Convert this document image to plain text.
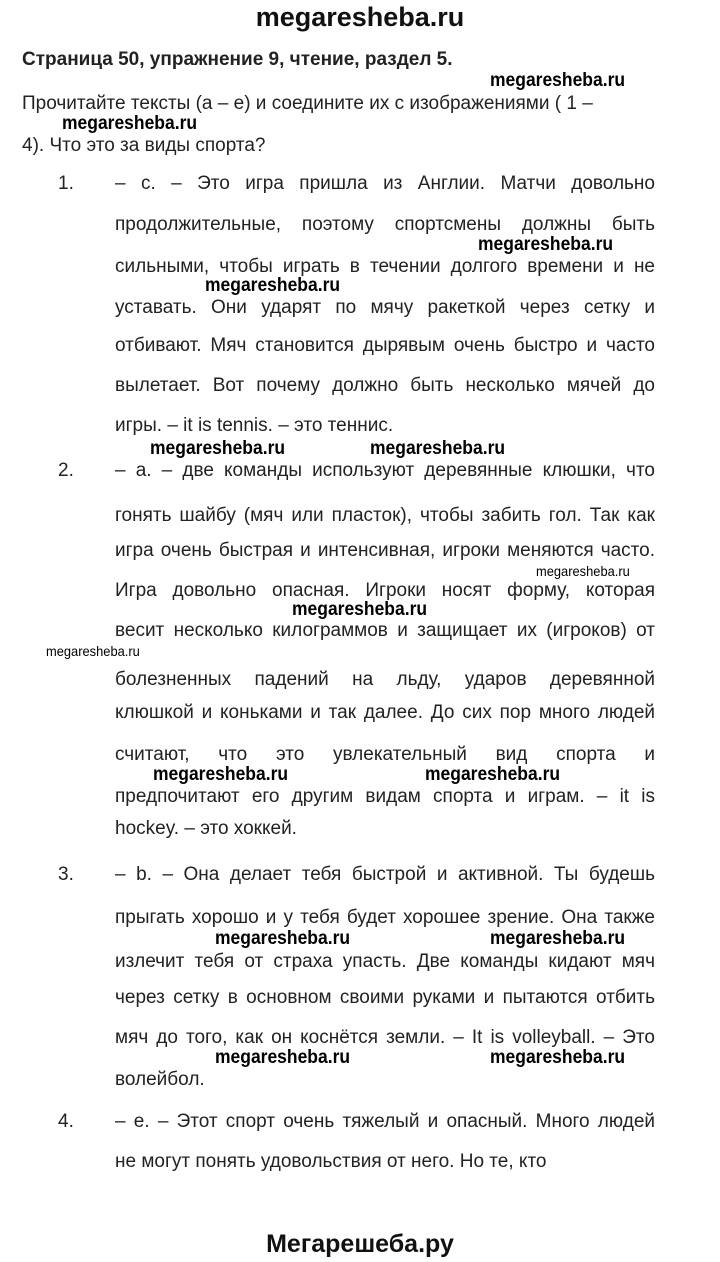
megaresheba.ru
Страница 50, упражнение 9, чтение, раздел 5.
Прочитайте тексты (а – е) и соедините их с изображениями ( 1 –
4). Что это за виды спорта?
1. – с. – Это игра пришла из Англии. Матчи довольно
продолжительные, поэтому спортсмены должны быть
сильными, чтобы играть в течении долгого времени и не
уставать. Они ударят по мячу ракеткой через сетку и
отбивают. Мяч становится дырявым очень быстро и часто
вылетает. Вот почему должно быть несколько мячей до
игры. – it is tennis. – это теннис.
2. – а. – две команды используют деревянные клюшки, что
гонять шайбу (мяч или пласток), чтобы забить гол. Так как
игра очень быстрая и интенсивная, игроки меняются часто.
Игра довольно опасная. Игроки носят форму, которая
весит несколько килограммов и защищает их (игроков) от
болезненных падений на льду, ударов деревянной
клюшкой и коньками и так далее. До сих пор много людей
считают, что это увлекательный вид спорта и
предпочитают его другим видам спорта и играм. – it is
hockey. – это хоккей.
3. – b. – Она делает тебя быстрой и активной. Ты будешь
прыгать хорошо и у тебя будет хорошее зрение. Она также
излечит тебя от страха упасть. Две команды кидают мяч
через сетку в основном своими руками и пытаются отбить
мяч до того, как он коснётся земли. – It is volleyball. – Это
волейбол.
4. – е. – Этот спорт очень тяжелый и опасный. Много людей
не могут понять удовольствия от него. Но те, кто
megaresheba.ru
megaresheba.ru
megaresheba.ru
megaresheba.ru
megaresheba.ru	megaresheba.ru
megaresheba.ru
megaresheba.ru
megaresheba.ru
megaresheba.ru	megaresheba.ru
megaresheba.ru	megaresheba.ru
megaresheba.ru	megaresheba.ru
Мегарешеба.ру
